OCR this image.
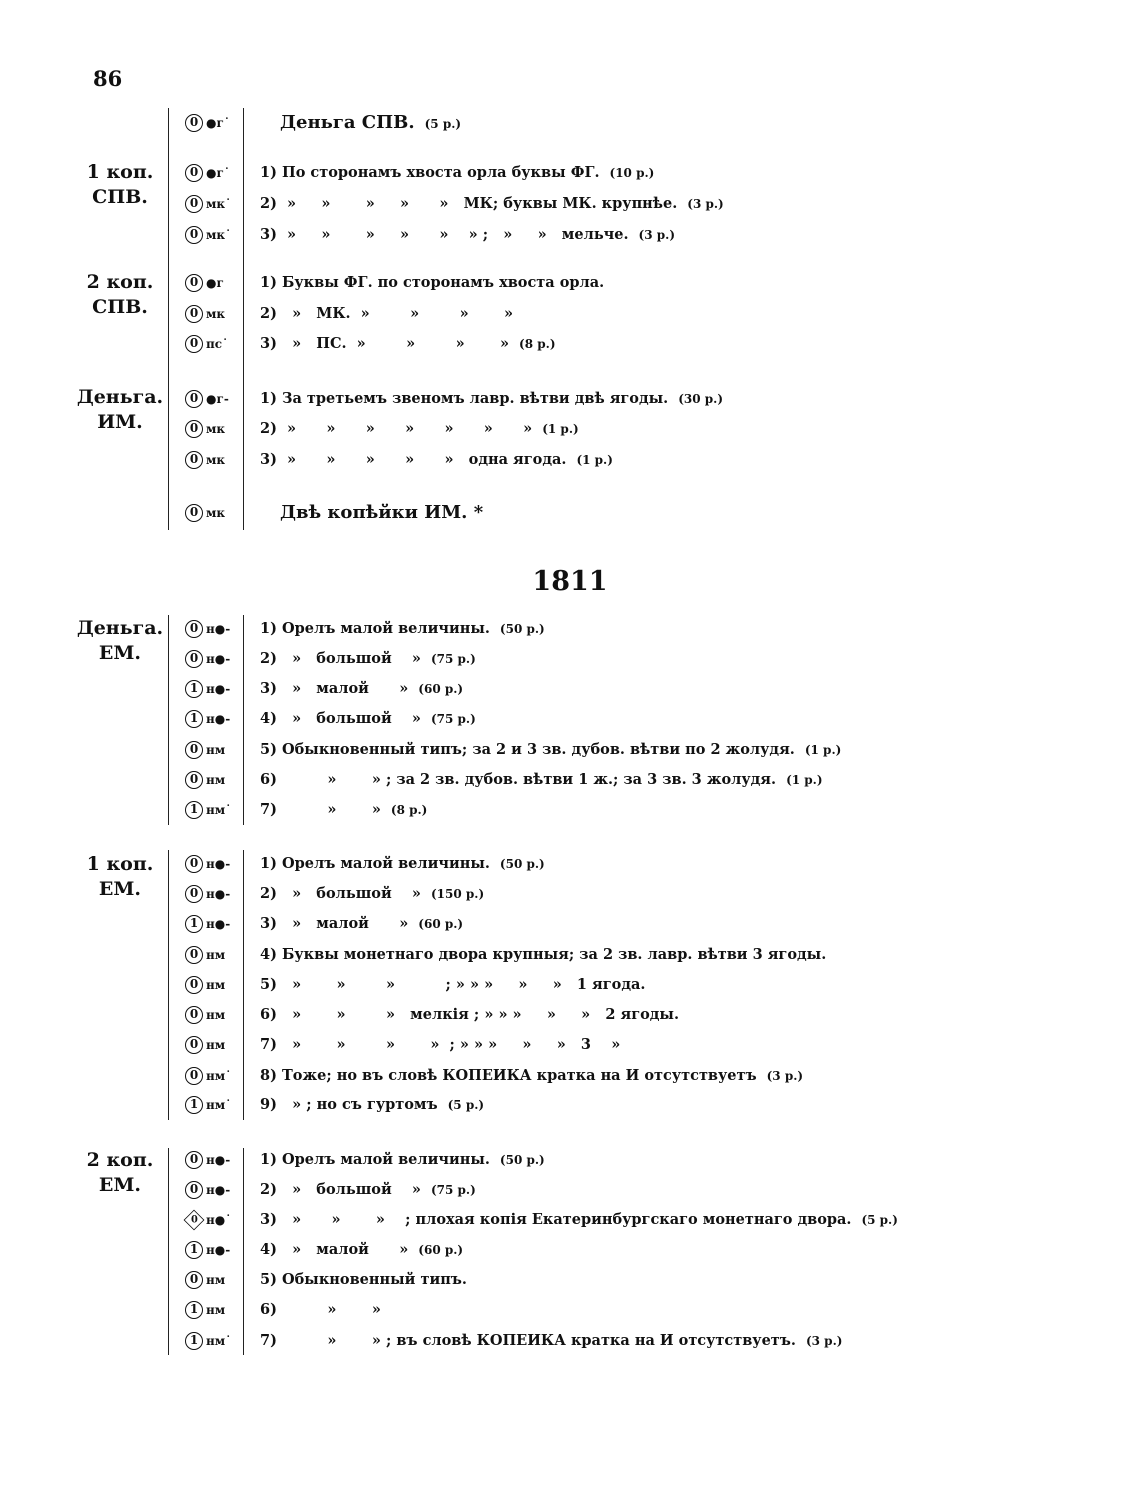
86
1811
0 ●г˙	Деньга СПВ. (5 р.)
1 коп.
СПВ.
0 ●г˙ 1) По сторонамъ хвоста орла буквы ФГ. (10 р.)
0 мк˙ 2)  »     »       »     »      »   МК; буквы МК. крупнѣе. (3 р.)
0 мк˙ 3)  »     »       »     »      »    » ;   »     »   мельче. (3 р.)
2 коп.
СПВ.
0 ●г 1) Буквы ФГ. по сторонамъ хвоста орла.
0 мк 2)   »   МК.  »        »        »       »
0 пс˙ 3)   »   ПС.  »        »        »       » (8 р.)
Деньга.
ИМ.
0 ●г- 1) За третьемъ звеномъ лавр. вѣтви двѣ ягоды. (30 р.)
0 мк 2)  »      »      »      »      »      »      » (1 р.)
0 мк 3)  »      »      »      »      »   одна ягода. (1 р.)
0 мк	Двѣ копѣйки ИМ. *
Деньга.
ЕМ.
0 н●- 1) Орелъ малой величины. (50 р.)
0 н●- 2)   »   большой    » (75 р.)
1 н●- 3)   »   малой      » (60 р.)
1 н●- 4)   »   большой    » (75 р.)
0 нм 5) Обыкновенный типъ; за 2 и 3 зв. дубов. вѣтви по 2 жолудя. (1 р.)
0 нм 6)          »       » ; за 2 зв. дубов. вѣтви 1 ж.; за 3 зв. 3 жолудя. (1 р.)
1 нм˙ 7)          »       » (8 р.)
1 коп.
ЕМ.
0 н●- 1) Орелъ малой величины. (50 р.)
0 н●- 2)   »   большой    » (150 р.)
1 н●- 3)   »   малой      » (60 р.)
0 нм 4) Буквы монетнаго двора крупныя; за 2 зв. лавр. вѣтви 3 ягоды.
0 нм 5)   »       »        »          ; » » »     »     »   1 ягода.
0 нм 6)   »       »        »   мелкія ; » » »     »     »   2 ягоды.
0 нм 7)   »       »        »       »  ; » » »     »     »   3    »
0 нм˙ 8) Тоже; но въ словѣ КОПЕИКА кратка на И отсутствуетъ (3 р.)
1 нм˙ 9)   » ; но съ гуртомъ (5 р.)
2 коп.
ЕМ.
0 н●- 1) Орелъ малой величины. (50 р.)
0 н●- 2)   »   большой    » (75 р.)
0 н●˙ 3)   »      »       »    ; плохая копія Екатеринбургскаго монетнаго двора. (5 р.)
1 н●- 4)   »   малой      » (60 р.)
0 нм 5) Обыкновенный типъ.
1 нм 6)          »       »
1 нм˙ 7)          »       » ; въ словѣ КОПЕИКА кратка на И отсутствуетъ. (3 р.)
